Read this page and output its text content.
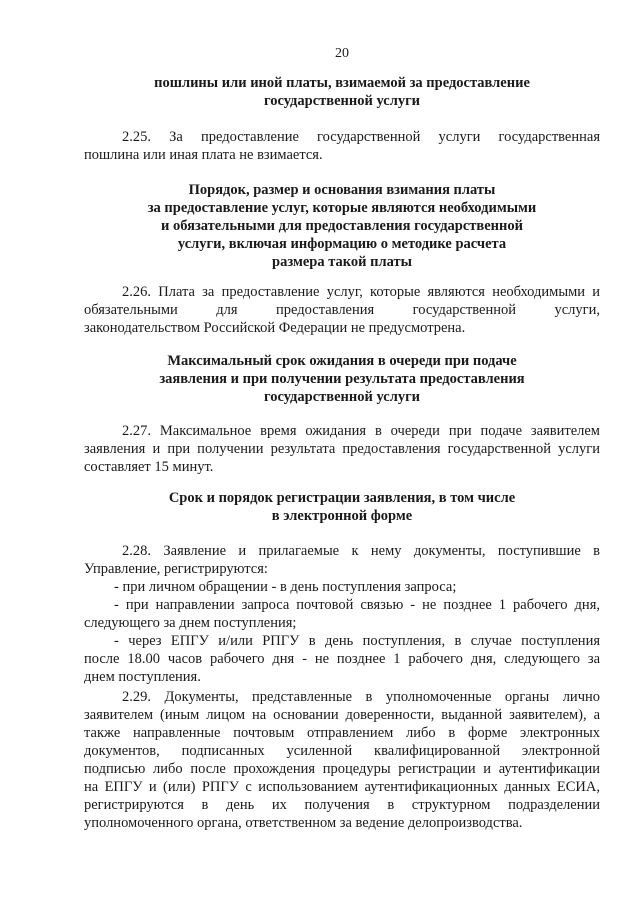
20
пошлины или иной платы, взимаемой за предоставление
государственной услуги
2.25. За предоставление государственной услуги государственная
пошлина или иная плата не взимается.
Порядок, размер и основания взимания платы
за предоставление услуг, которые являются необходимыми
и обязательными для предоставления государственной
услуги, включая информацию о методике расчета
размера такой платы
2.26. Плата за предоставление услуг, которые являются необходимыми и
обязательными для предоставления государственной услуги,
законодательством Российской Федерации не предусмотрена.
Максимальный срок ожидания в очереди при подаче
заявления и при получении результата предоставления
государственной услуги
2.27. Максимальное время ожидания в очереди при подаче заявителем
заявления и при получении результата предоставления государственной услуги
составляет 15 минут.
Срок и порядок регистрации заявления, в том числе
в электронной форме
2.28. Заявление и прилагаемые к нему документы, поступившие в
Управление, регистрируются:
- при личном обращении - в день поступления запроса;
- при направлении запроса почтовой связью - не позднее 1 рабочего дня,
следующего за днем поступления;
- через ЕПГУ и/или РПГУ в день поступления, в случае поступления
после 18.00 часов рабочего дня - не позднее 1 рабочего дня, следующего за
днем поступления.
2.29. Документы, представленные в уполномоченные органы лично
заявителем (иным лицом на основании доверенности, выданной заявителем), а
также направленные почтовым отправлением либо в форме электронных
документов, подписанных усиленной квалифицированной электронной
подписью либо после прохождения процедуры регистрации и аутентификации
на ЕПГУ и (или) РПГУ с использованием аутентификационных данных ЕСИА,
регистрируются в день их получения в структурном подразделении
уполномоченного органа, ответственном за ведение делопроизводства.
